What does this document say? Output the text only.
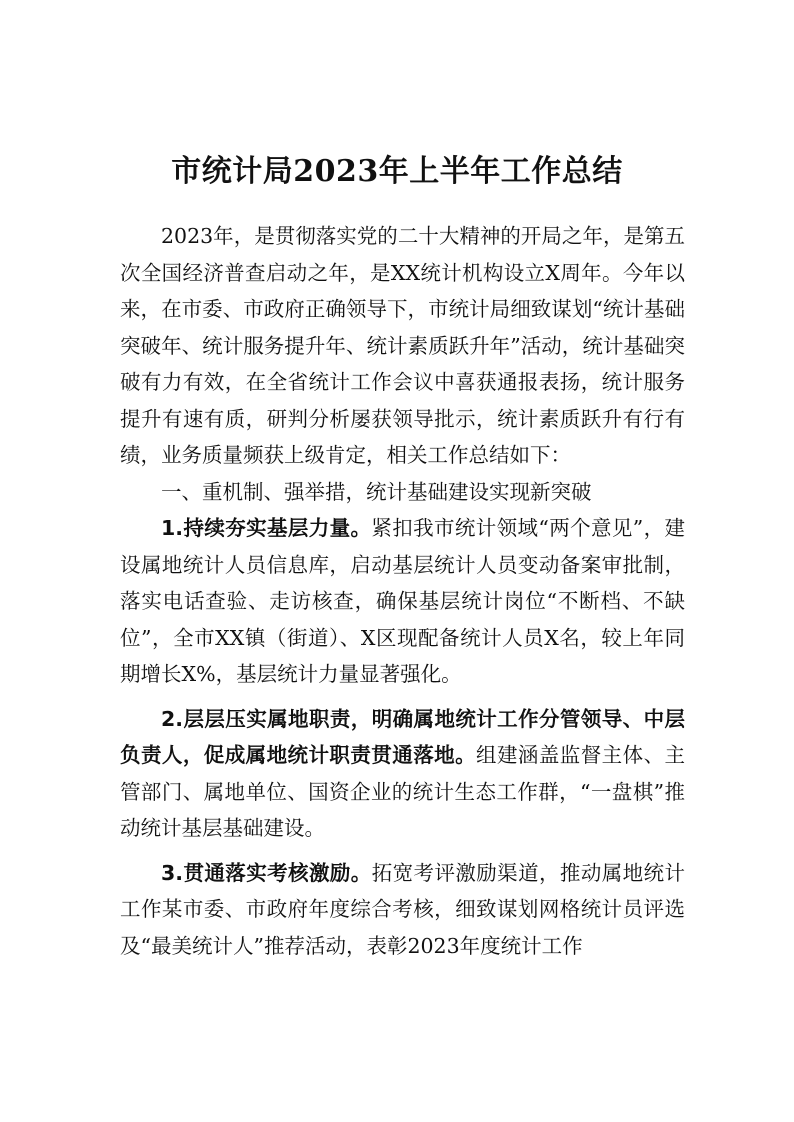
市统计局2023年上半年工作总结

2023年，是贯彻落实党的二十大精神的开局之年，是第五次全国经济普查启动之年，是XX统计机构设立X周年。今年以来，在市委、市政府正确领导下，市统计局细致谋划“统计基础突破年、统计服务提升年、统计素质跃升年”活动，统计基础突破有力有效，在全省统计工作会议中喜获通报表扬，统计服务提升有速有质，研判分析屡获领导批示，统计素质跃升有行有绩，业务质量频获上级肯定，相关工作总结如下：

一、重机制、强举措，统计基础建设实现新突破

1.持续夯实基层力量。紧扣我市统计领域“两个意见”，建设属地统计人员信息库，启动基层统计人员变动备案审批制，落实电话查验、走访核查，确保基层统计岗位“不断档、不缺位”，全市XX镇（街道）、X区现配备统计人员X名，较上年同期增长X%，基层统计力量显著强化。

2.层层压实属地职责，明确属地统计工作分管领导、中层负责人，促成属地统计职责贯通落地。组建涵盖监督主体、主管部门、属地单位、国资企业的统计生态工作群，“一盘棋”推动统计基层基础建设。

3.贯通落实考核激励。拓宽考评激励渠道，推动属地统计工作某市委、市政府年度综合考核，细致谋划网格统计员评选及“最美统计人”推荐活动，表彰2023年度统计工作
